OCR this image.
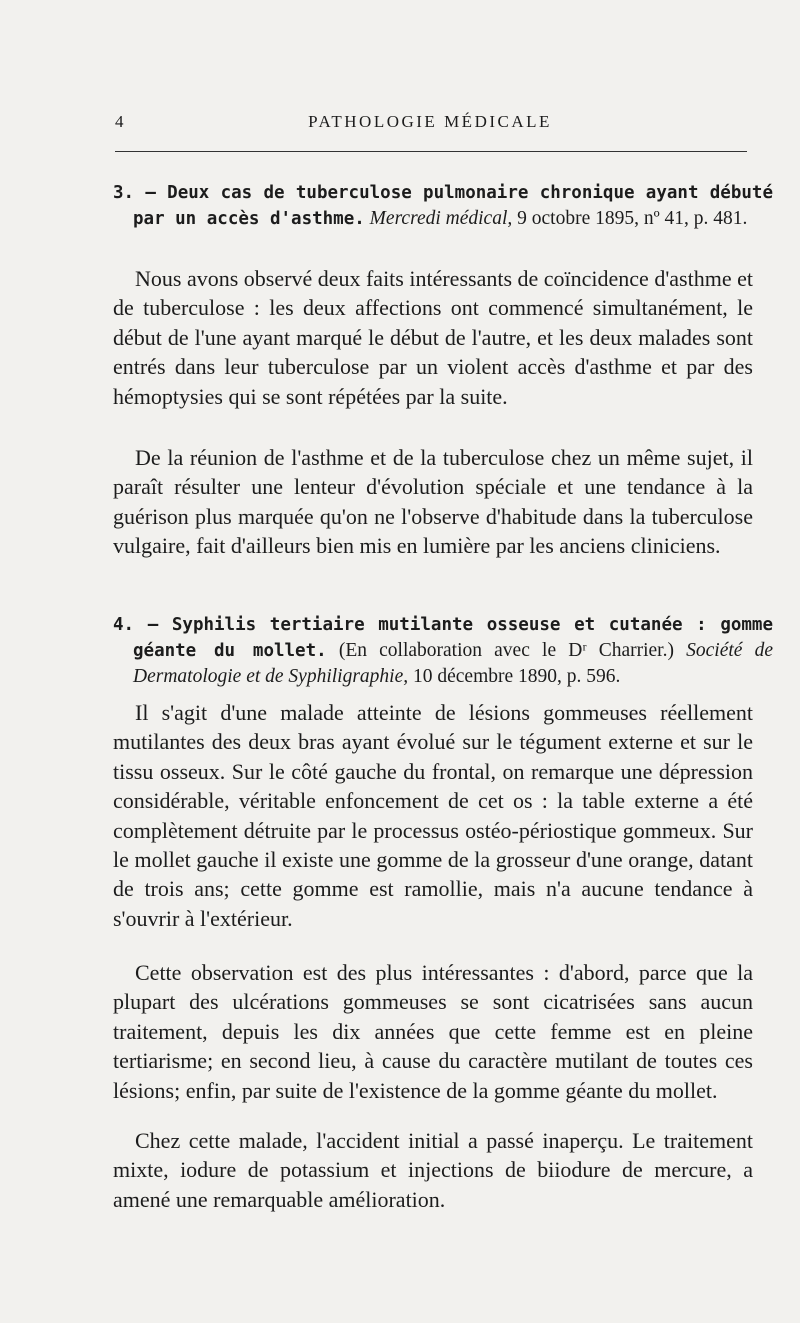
4	PATHOLOGIE MÉDICALE
3. — Deux cas de tuberculose pulmonaire chronique ayant débuté par un accès d'asthme. Mercredi médical, 9 octobre 1895, nº 41, p. 481.

Nous avons observé deux faits intéressants de coïncidence d'asthme et de tuberculose : les deux affections ont commencé simultanément, le début de l'une ayant marqué le début de l'autre, et les deux malades sont entrés dans leur tuberculose par un violent accès d'asthme et par des hémoptysies qui se sont répétées par la suite.

De la réunion de l'asthme et de la tuberculose chez un même sujet, il paraît résulter une lenteur d'évolution spéciale et une tendance à la guérison plus marquée qu'on ne l'observe d'habitude dans la tuberculose vulgaire, fait d'ailleurs bien mis en lumière par les anciens cliniciens.

4. — Syphilis tertiaire mutilante osseuse et cutanée : gomme géante du mollet. (En collaboration avec le Dʳ Charrier.) Société de Dermatologie et de Syphiligraphie, 10 décembre 1890, p. 596.

Il s'agit d'une malade atteinte de lésions gommeuses réellement mutilantes des deux bras ayant évolué sur le tégument externe et sur le tissu osseux. Sur le côté gauche du frontal, on remarque une dépression considérable, véritable enfoncement de cet os : la table externe a été complètement détruite par le processus ostéo-périostique gommeux. Sur le mollet gauche il existe une gomme de la grosseur d'une orange, datant de trois ans; cette gomme est ramollie, mais n'a aucune tendance à s'ouvrir à l'extérieur.

Cette observation est des plus intéressantes : d'abord, parce que la plupart des ulcérations gommeuses se sont cicatrisées sans aucun traitement, depuis les dix années que cette femme est en pleine tertiarisme; en second lieu, à cause du caractère mutilant de toutes ces lésions; enfin, par suite de l'existence de la gomme géante du mollet.

Chez cette malade, l'accident initial a passé inaperçu. Le traitement mixte, iodure de potassium et injections de biiodure de mercure, a amené une remarquable amélioration.
